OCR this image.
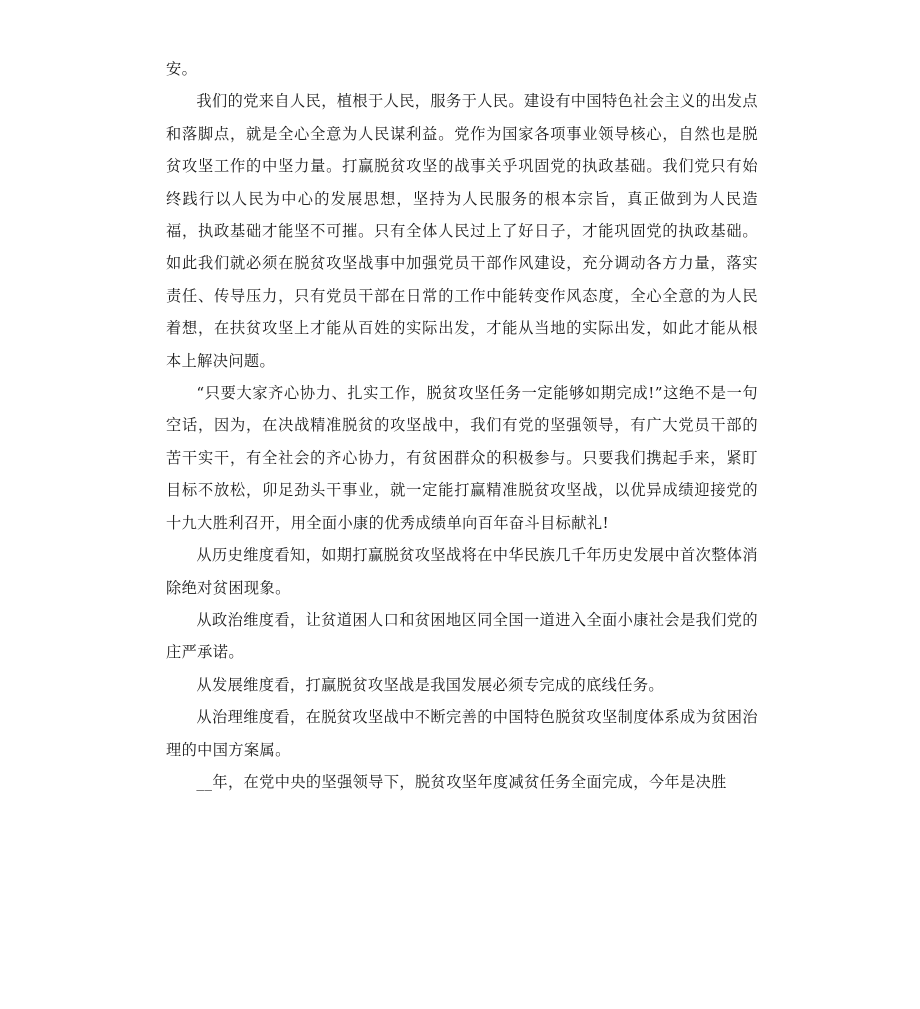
安。

我们的党来自人民，植根于人民，服务于人民。建设有中国特色社会主义的出发点和落脚点，就是全心全意为人民谋利益。党作为国家各项事业领导核心，自然也是脱贫攻坚工作的中坚力量。打赢脱贫攻坚的战事关乎巩固党的执政基础。我们党只有始终践行以人民为中心的发展思想，坚持为人民服务的根本宗旨，真正做到为人民造福，执政基础才能坚不可摧。只有全体人民过上了好日子，才能巩固党的执政基础。如此我们就必须在脱贫攻坚战事中加强党员干部作风建设，充分调动各方力量，落实责任、传导压力，只有党员干部在日常的工作中能转变作风态度，全心全意的为人民着想，在扶贫攻坚上才能从百姓的实际出发，才能从当地的实际出发，如此才能从根本上解决问题。

“只要大家齐心协力、扎实工作，脱贫攻坚任务一定能够如期完成!”这绝不是一句空话，因为，在决战精准脱贫的攻坚战中，我们有党的坚强领导，有广大党员干部的苦干实干，有全社会的齐心协力，有贫困群众的积极参与。只要我们携起手来，紧盯目标不放松，卯足劲头干事业，就一定能打赢精准脱贫攻坚战，以优异成绩迎接党的十九大胜利召开，用全面小康的优秀成绩单向百年奋斗目标献礼!

从历史维度看知，如期打赢脱贫攻坚战将在中华民族几千年历史发展中首次整体消除绝对贫困现象。

从政治维度看，让贫道困人口和贫困地区同全国一道进入全面小康社会是我们党的庄严承诺。

从发展维度看，打赢脱贫攻坚战是我国发展必须专完成的底线任务。

从治理维度看，在脱贫攻坚战中不断完善的中国特色脱贫攻坚制度体系成为贫困治理的中国方案属。

__年，在党中央的坚强领导下，脱贫攻坚年度减贫任务全面完成，今年是决胜
